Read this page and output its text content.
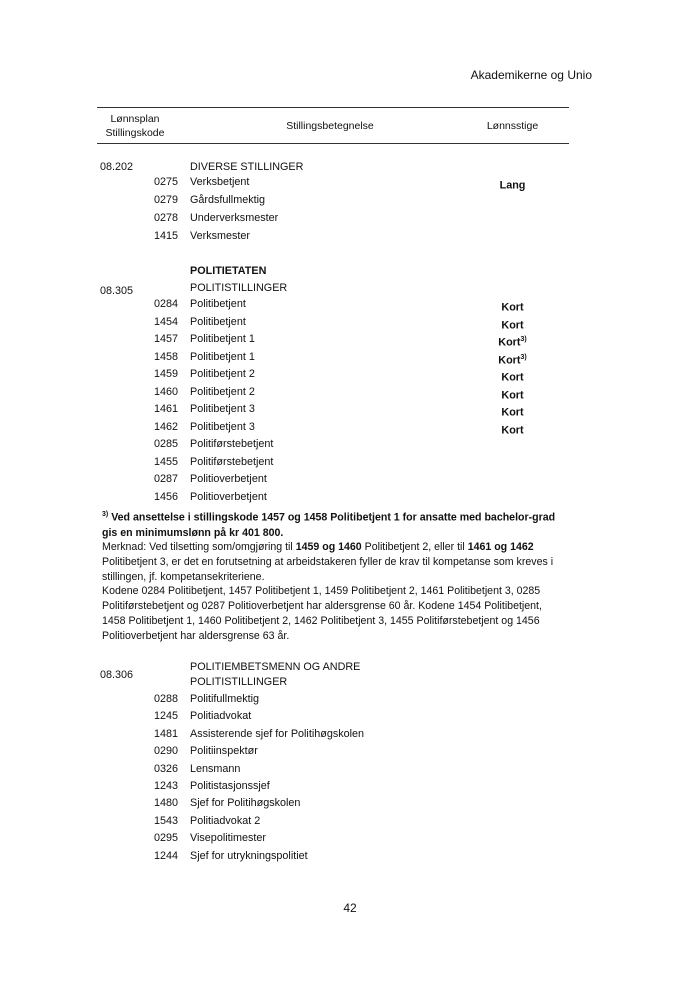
Akademikerne og Unio
Lønnsplan
Stillingskode
Stillingsbetegnelse	Lønnsstige
08.202	DIVERSE STILLINGER
0275 Verksbetjent	Lang
0279 Gårdsfullmektig
0278 Underverksmester
1415 Verksmester
POLITIETATEN
08.305	POLITISTILLINGER
0284 Politibetjent	Kort
1454 Politibetjent	Kort
1457 Politibetjent 1	Kort$^{3)}$
1458 Politibetjent 1	Kort$^{3)}$
1459 Politibetjent 2	Kort
1460 Politibetjent 2	Kort
1461 Politibetjent 3	Kort
1462 Politibetjent 3	Kort
0285 Politiførstebetjent
1455 Politiførstebetjent
0287 Politioverbetjent
1456 Politioverbetjent
$^{3)}$ Ved ansettelse i stillingskode 1457 og 1458 Politibetjent 1 for ansatte med bachelor-grad gis en minimumslønn på kr 401 800.
Merknad: Ved tilsetting som/omgjøring til 1459 og 1460 Politibetjent 2, eller til 1461 og 1462 Politibetjent 3, er det en forutsetning at arbeidstakeren fyller de krav til kompetanse som kreves i stillingen, jf. kompetansekriteriene.
Kodene 0284 Politibetjent, 1457 Politibetjent 1, 1459 Politibetjent 2, 1461 Politibetjent 3, 0285 Politiførstebetjent og 0287 Politioverbetjent har aldersgrense 60 år. Kodene 1454 Politibetjent, 1458 Politibetjent 1, 1460 Politibetjent 2, 1462 Politibetjent 3, 1455 Politiførstebetjent og 1456 Politioverbetjent har aldersgrense 63 år.
08.306
POLITIEMBETSMENN OG ANDRE
POLITISTILLINGER
0288 Politifullmektig
1245 Politiadvokat
1481 Assisterende sjef for Politihøgskolen
0290 Politiinspektør
0326 Lensmann
1243 Politistasjonssjef
1480 Sjef for Politihøgskolen
1543 Politiadvokat 2
0295 Visepolitimester
1244 Sjef for utrykningspolitiet
42
